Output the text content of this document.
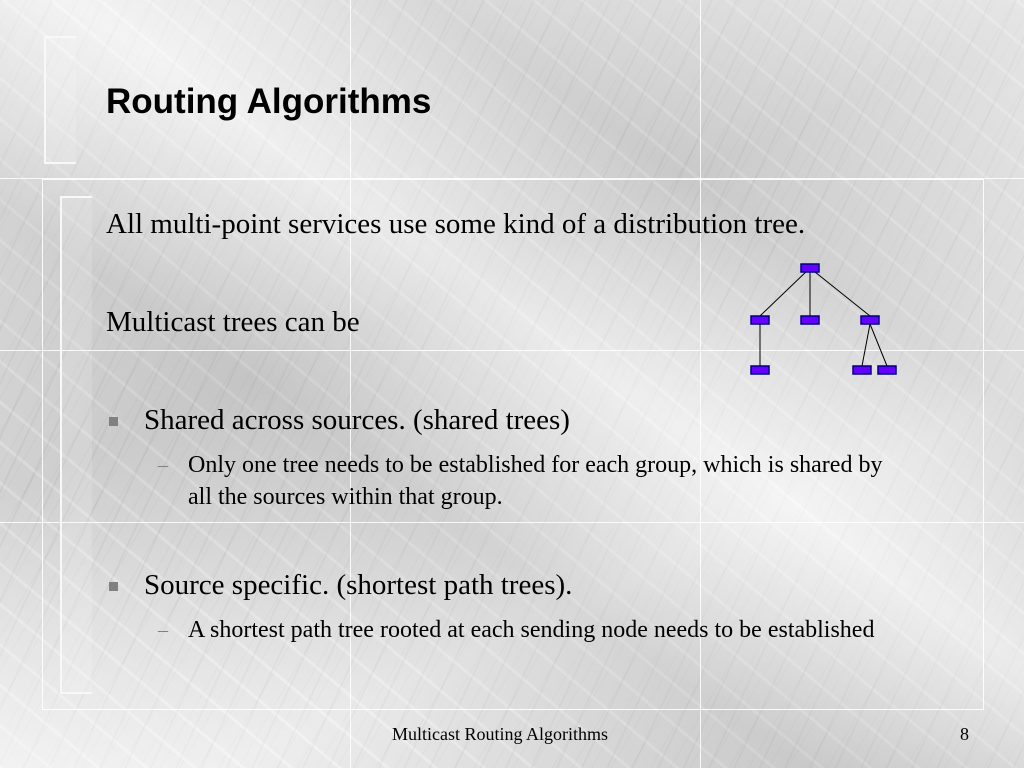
Routing Algorithms
All multi-point services use some kind of a distribution tree.
Multicast trees can be
Shared across sources. (shared trees)
– Only one tree needs to be established for each group, which is shared by all the sources within that group.
Source specific. (shortest path trees).
– A shortest path tree rooted at each sending node needs to be established
Multicast Routing Algorithms	8
